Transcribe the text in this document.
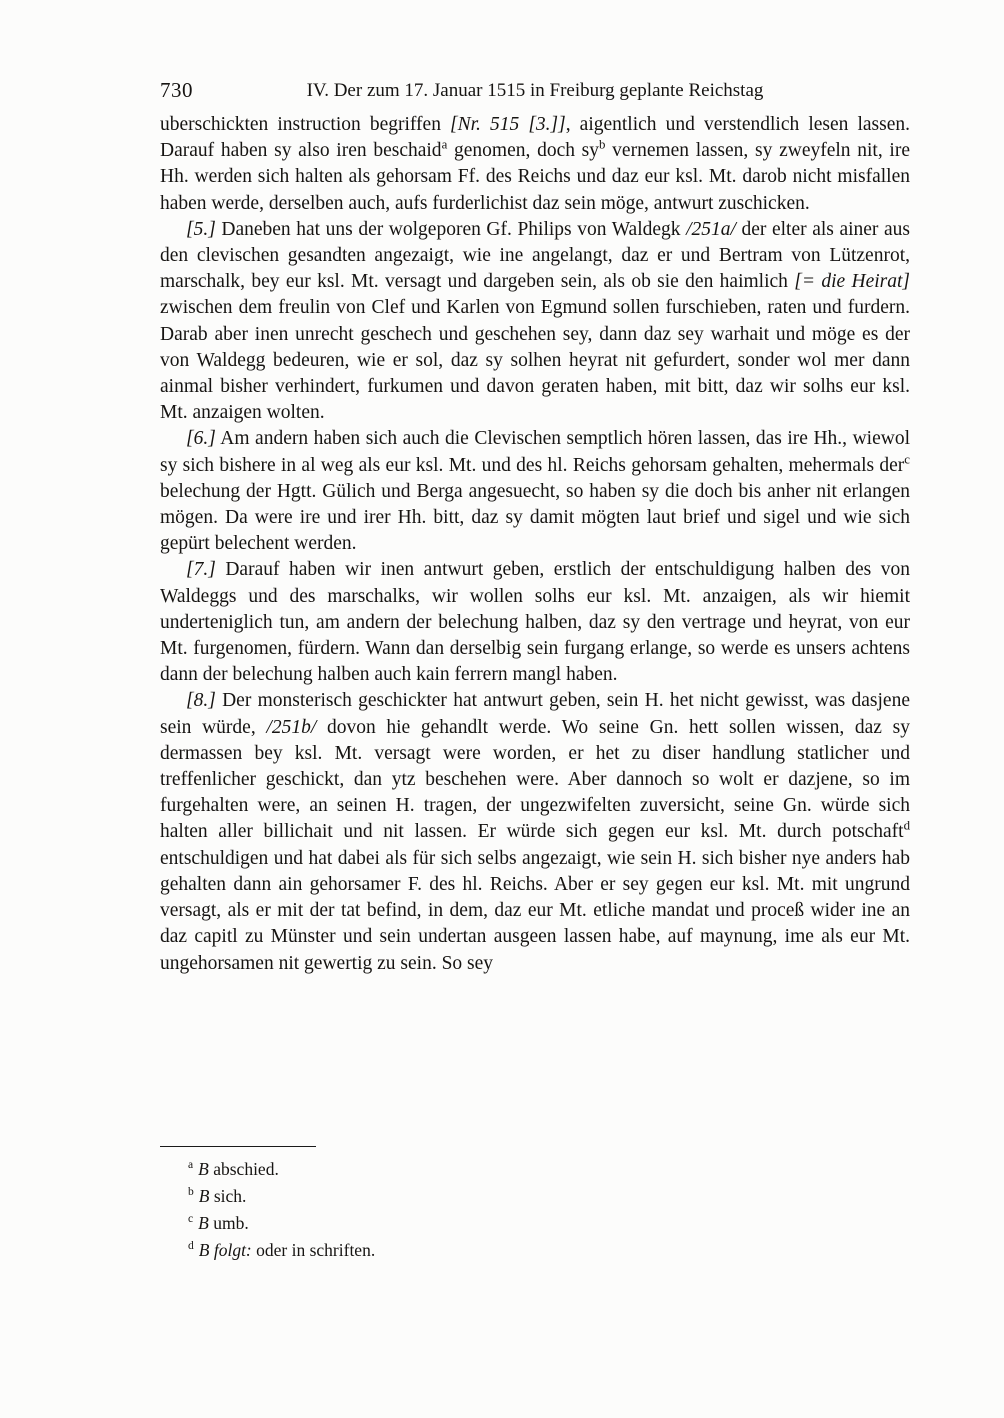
730	IV. Der zum 17. Januar 1515 in Freiburg geplante Reichstag

uberschickten instruction begriffen [Nr. 515 [3.]], aigentlich und verstendlich lesen lassen. Darauf haben sy also iren beschaid$^a$ genomen, doch sy$^b$ vernemen lassen, sy zweyfeln nit, ire Hh. werden sich halten als gehorsam Ff. des Reichs und daz eur ksl. Mt. darob nicht misfallen haben werde, derselben auch, aufs furderlichist daz sein möge, antwurt zuschicken.

[5.] Daneben hat uns der wolgeporen Gf. Philips von Waldegk /251a/ der elter als ainer aus den clevischen gesandten angezaigt, wie ine angelangt, daz er und Bertram von Lützenrot, marschalk, bey eur ksl. Mt. versagt und dargeben sein, als ob sie den haimlich [= die Heirat] zwischen dem freulin von Clef und Karlen von Egmund sollen furschieben, raten und furdern. Darab aber inen unrecht geschech und geschehen sey, dann daz sey warhait und möge es der von Waldegg bedeuren, wie er sol, daz sy solhen heyrat nit gefurdert, sonder wol mer dann ainmal bisher verhindert, furkumen und davon geraten haben, mit bitt, daz wir solhs eur ksl. Mt. anzaigen wolten.

[6.] Am andern haben sich auch die Clevischen semptlich hören lassen, das ire Hh., wiewol sy sich bishere in al weg als eur ksl. Mt. und des hl. Reichs gehorsam gehalten, mehermals der$^c$ belechung der Hgtt. Gülich und Berga angesuecht, so haben sy die doch bis anher nit erlangen mögen. Da were ire und irer Hh. bitt, daz sy damit mögten laut brief und sigel und wie sich gepürt belechent werden.

[7.] Darauf haben wir inen antwurt geben, erstlich der entschuldigung halben des von Waldeggs und des marschalks, wir wollen solhs eur ksl. Mt. anzaigen, als wir hiemit underteniglich tun, am andern der belechung halben, daz sy den vertrage und heyrat, von eur Mt. furgenomen, fürdern. Wann dan derselbig sein furgang erlange, so werde es unsers achtens dann der belechung halben auch kain ferrern mangl haben.

[8.] Der monsterisch geschickter hat antwurt geben, sein H. het nicht gewisst, was dasjene sein würde, /251b/ dovon hie gehandlt werde. Wo seine Gn. hett sollen wissen, daz sy dermassen bey ksl. Mt. versagt were worden, er het zu diser handlung statlicher und treffenlicher geschickt, dan ytz beschehen were. Aber dannoch so wolt er dazjene, so im furgehalten were, an seinen H. tragen, der ungezwifelten zuversicht, seine Gn. würde sich halten aller billichait und nit lassen. Er würde sich gegen eur ksl. Mt. durch potschaft$^d$ entschuldigen und hat dabei als für sich selbs angezaigt, wie sein H. sich bisher nye anders hab gehalten dann ain gehorsamer F. des hl. Reichs. Aber er sey gegen eur ksl. Mt. mit ungrund versagt, als er mit der tat befind, in dem, daz eur Mt. etliche mandat und proceß wider ine an daz capitl zu Münster und sein undertan ausgeen lassen habe, auf maynung, ime als eur Mt. ungehorsamen nit gewertig zu sein. So sey

$^a$ B abschied.
$^b$ B sich.
$^c$ B umb.
$^d$ B folgt: oder in schriften.
